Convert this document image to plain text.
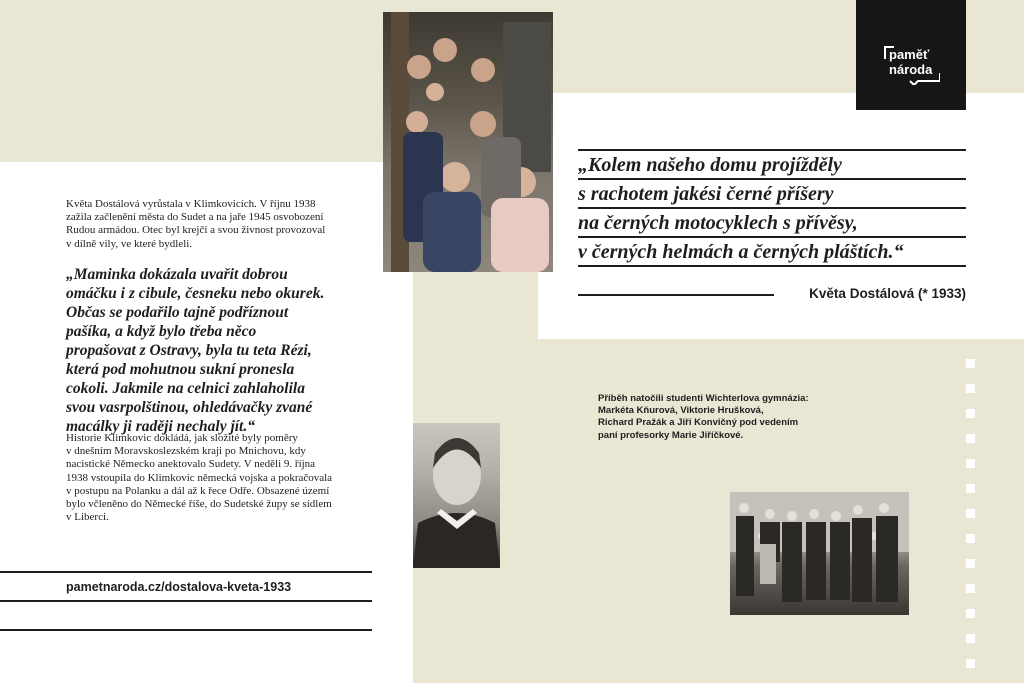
paměť
národa
„Kolem našeho domu projížděly
s rachotem jakési černé příšery
na černých motocyklech s přívěsy,
v černých helmách a černých pláštích.“
Květa Dostálová (* 1933)
Květa Dostálová vyrůstala v Klimkovicích. V říjnu 1938
zažila začlenění města do Sudet a na jaře 1945 osvobození
Rudou armádou. Otec byl krejčí a svou živnost provozoval
v dílně vily, ve které bydleli.
„Maminka dokázala uvařit dobrou
omáčku i z cibule, česneku nebo okurek.
Občas se podařilo tajně podříznout
pašíka, a když bylo třeba něco
propašovat z Ostravy, byla tu teta Rézi,
která pod mohutnou sukní pronesla
cokoli. Jakmile na celnici zahlaholila
svou vasrpolštinou, ohledávačky zvané
macálky ji raději nechaly jít.“
Historie Klimkovic dokládá, jak složité byly poměry
v dnešním Moravskoslezském kraji po Mnichovu, kdy
nacistické Německo anektovalo Sudety. V neděli 9. října
1938 vstoupila do Klimkovic německá vojska a pokračovala
v postupu na Polanku a dál až k řece Odře. Obsazené území
bylo včleněno do Německé říše, do Sudetské župy se sídlem
v Liberci.
pametnaroda.cz/dostalova-kveta-1933
Příběh natočili studenti Wichterlova gymnázia:
Markéta Kňurová, Viktorie Hrušková,
Richard Pražák a Jiří Konvičný pod vedením
paní profesorky Marie Jiříčkové.
